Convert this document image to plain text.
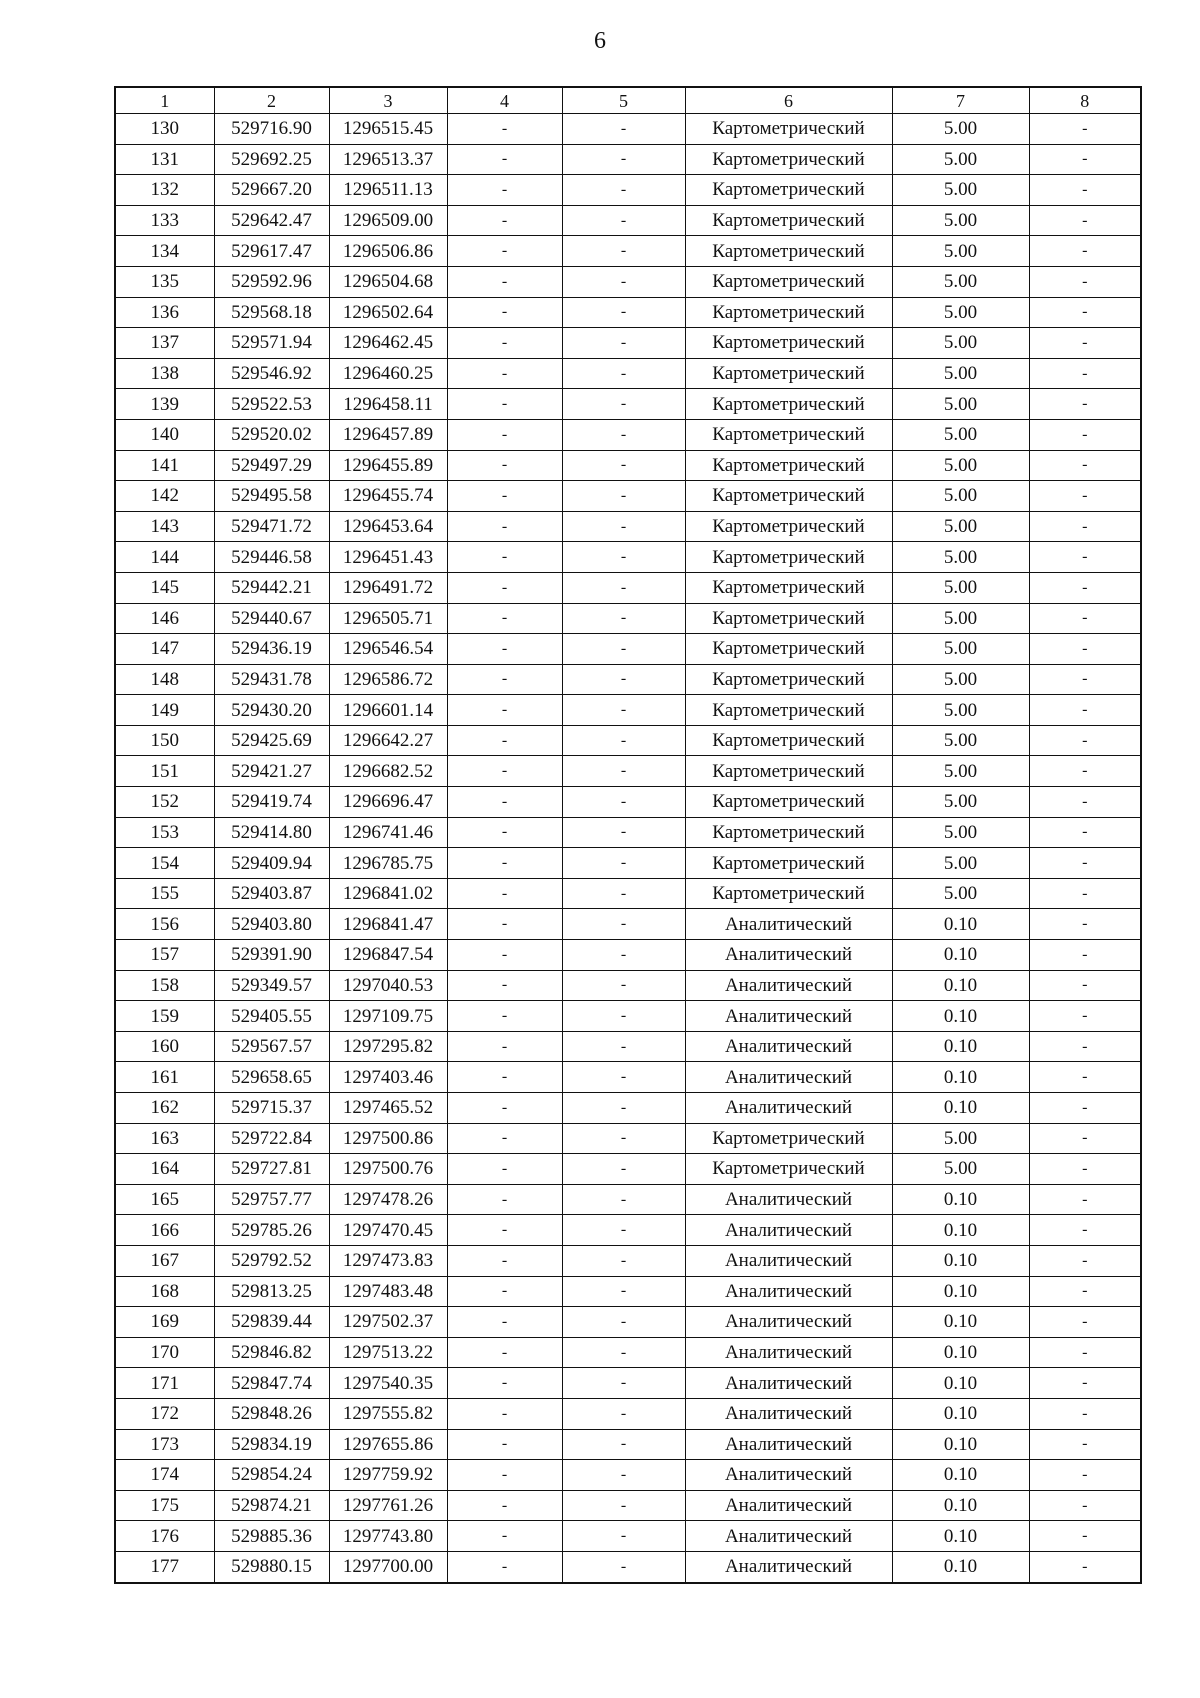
6
1	2	3	4	5	6	7	8
130	529716.90	1296515.45	-	-	Картометрический	5.00	-
131	529692.25	1296513.37	-	-	Картометрический	5.00	-
132	529667.20	1296511.13	-	-	Картометрический	5.00	-
133	529642.47	1296509.00	-	-	Картометрический	5.00	-
134	529617.47	1296506.86	-	-	Картометрический	5.00	-
135	529592.96	1296504.68	-	-	Картометрический	5.00	-
136	529568.18	1296502.64	-	-	Картометрический	5.00	-
137	529571.94	1296462.45	-	-	Картометрический	5.00	-
138	529546.92	1296460.25	-	-	Картометрический	5.00	-
139	529522.53	1296458.11	-	-	Картометрический	5.00	-
140	529520.02	1296457.89	-	-	Картометрический	5.00	-
141	529497.29	1296455.89	-	-	Картометрический	5.00	-
142	529495.58	1296455.74	-	-	Картометрический	5.00	-
143	529471.72	1296453.64	-	-	Картометрический	5.00	-
144	529446.58	1296451.43	-	-	Картометрический	5.00	-
145	529442.21	1296491.72	-	-	Картометрический	5.00	-
146	529440.67	1296505.71	-	-	Картометрический	5.00	-
147	529436.19	1296546.54	-	-	Картометрический	5.00	-
148	529431.78	1296586.72	-	-	Картометрический	5.00	-
149	529430.20	1296601.14	-	-	Картометрический	5.00	-
150	529425.69	1296642.27	-	-	Картометрический	5.00	-
151	529421.27	1296682.52	-	-	Картометрический	5.00	-
152	529419.74	1296696.47	-	-	Картометрический	5.00	-
153	529414.80	1296741.46	-	-	Картометрический	5.00	-
154	529409.94	1296785.75	-	-	Картометрический	5.00	-
155	529403.87	1296841.02	-	-	Картометрический	5.00	-
156	529403.80	1296841.47	-	-	Аналитический	0.10	-
157	529391.90	1296847.54	-	-	Аналитический	0.10	-
158	529349.57	1297040.53	-	-	Аналитический	0.10	-
159	529405.55	1297109.75	-	-	Аналитический	0.10	-
160	529567.57	1297295.82	-	-	Аналитический	0.10	-
161	529658.65	1297403.46	-	-	Аналитический	0.10	-
162	529715.37	1297465.52	-	-	Аналитический	0.10	-
163	529722.84	1297500.86	-	-	Картометрический	5.00	-
164	529727.81	1297500.76	-	-	Картометрический	5.00	-
165	529757.77	1297478.26	-	-	Аналитический	0.10	-
166	529785.26	1297470.45	-	-	Аналитический	0.10	-
167	529792.52	1297473.83	-	-	Аналитический	0.10	-
168	529813.25	1297483.48	-	-	Аналитический	0.10	-
169	529839.44	1297502.37	-	-	Аналитический	0.10	-
170	529846.82	1297513.22	-	-	Аналитический	0.10	-
171	529847.74	1297540.35	-	-	Аналитический	0.10	-
172	529848.26	1297555.82	-	-	Аналитический	0.10	-
173	529834.19	1297655.86	-	-	Аналитический	0.10	-
174	529854.24	1297759.92	-	-	Аналитический	0.10	-
175	529874.21	1297761.26	-	-	Аналитический	0.10	-
176	529885.36	1297743.80	-	-	Аналитический	0.10	-
177	529880.15	1297700.00	-	-	Аналитический	0.10	-
